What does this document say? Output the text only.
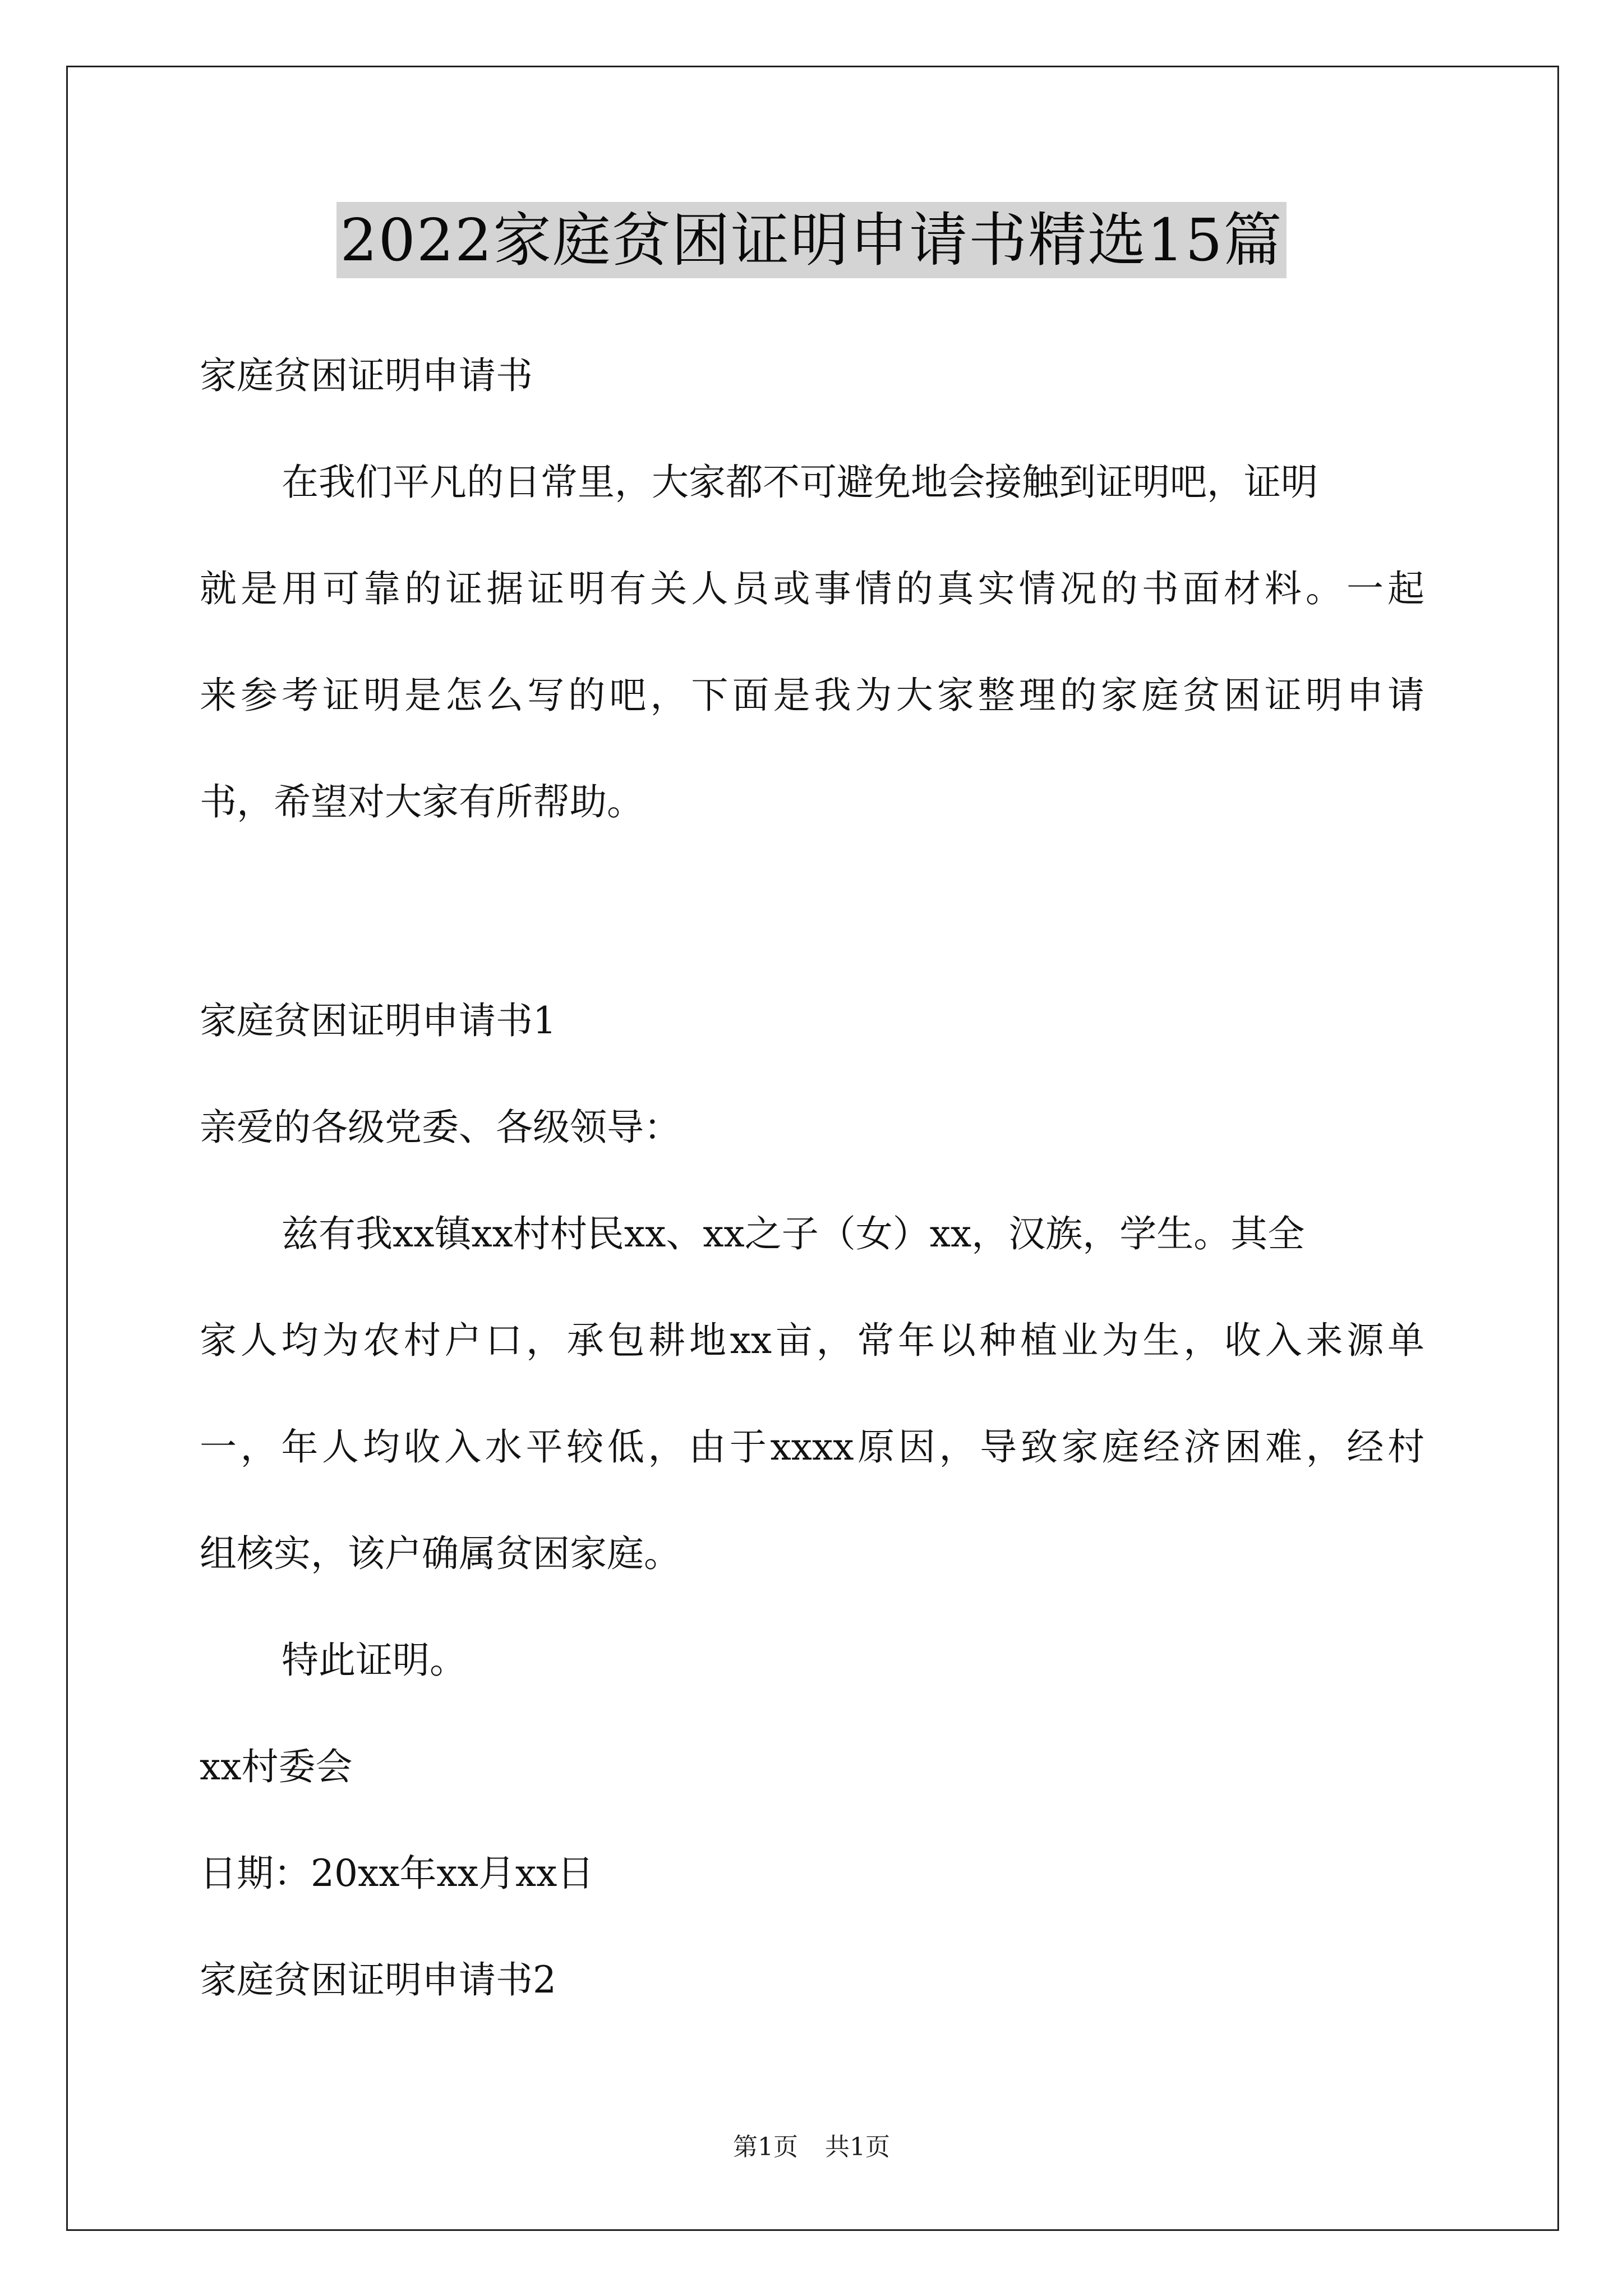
2022家庭贫困证明申请书精选15篇
家庭贫困证明申请书
在我们平凡的日常里，大家都不可避免地会接触到证明吧，证明
就是用可靠的证据证明有关人员或事情的真实情况的书面材料。一起
来参考证明是怎么写的吧，下面是我为大家整理的家庭贫困证明申请
书，希望对大家有所帮助。
家庭贫困证明申请书1
亲爱的各级党委、各级领导：
兹有我xx镇xx村村民xx、xx之子（女）xx，汉族，学生。其全
家人均为农村户口，承包耕地xx亩，常年以种植业为生，收入来源单
一，年人均收入水平较低，由于xxxx原因，导致家庭经济困难，经村
组核实，该户确属贫困家庭。
特此证明。
xx村委会
日期：20xx年xx月xx日
家庭贫困证明申请书2
第1页 共1页
